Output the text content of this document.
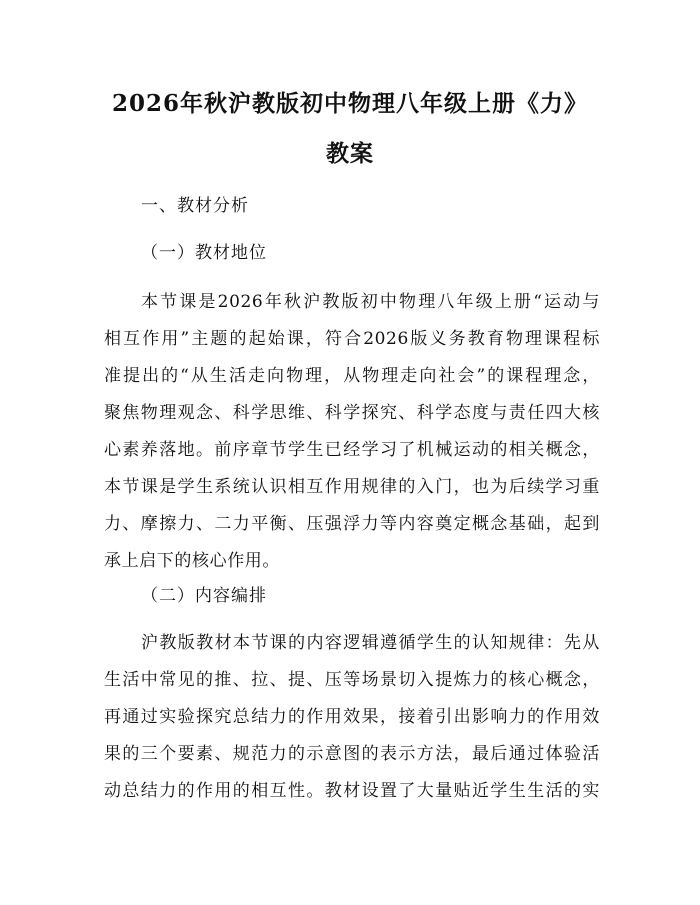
2026年秋沪教版初中物理八年级上册《力》
教案
一、教材分析
（一）教材地位
本节课是2026年秋沪教版初中物理八年级上册“运动与
相互作用”主题的起始课，符合2026版义务教育物理课程标
准提出的“从生活走向物理，从物理走向社会”的课程理念，
聚焦物理观念、科学思维、科学探究、科学态度与责任四大核
心素养落地。前序章节学生已经学习了机械运动的相关概念，
本节课是学生系统认识相互作用规律的入门，也为后续学习重
力、摩擦力、二力平衡、压强浮力等内容奠定概念基础，起到
承上启下的核心作用。
（二）内容编排
沪教版教材本节课的内容逻辑遵循学生的认知规律：先从
生活中常见的推、拉、提、压等场景切入提炼力的核心概念，
再通过实验探究总结力的作用效果，接着引出影响力的作用效
果的三个要素、规范力的示意图的表示方法，最后通过体验活
动总结力的作用的相互性。教材设置了大量贴近学生生活的实
